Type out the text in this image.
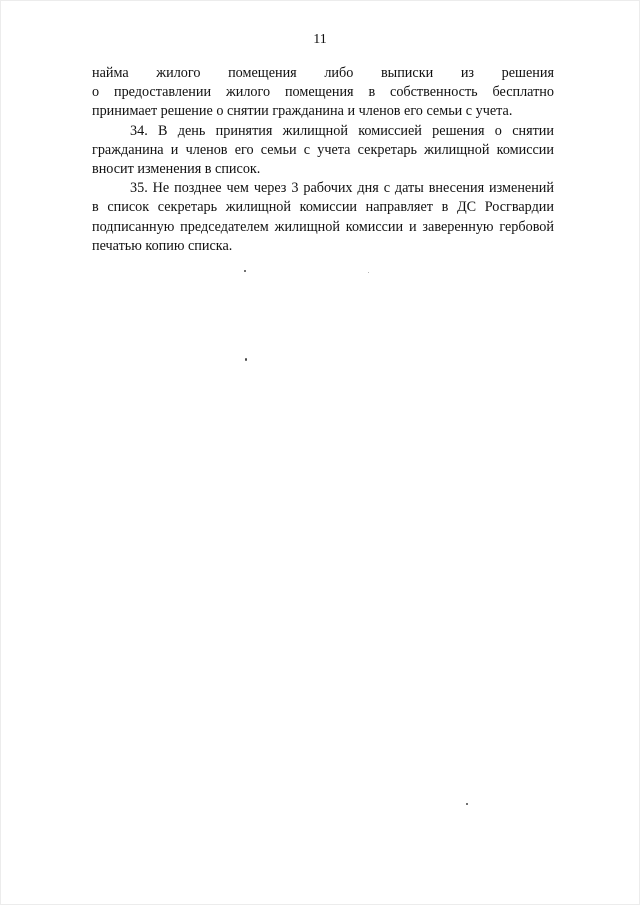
11
найма жилого помещения либо выписки из решения
о предоставлении жилого помещения в собственность бесплатно
принимает решение о снятии гражданина и членов его семьи с учета.
34. В день принятия жилищной комиссией решения о снятии
гражданина и членов его семьи с учета секретарь жилищной комиссии
вносит изменения в список.
35. Не позднее чем через 3 рабочих дня с даты внесения изменений
в список секретарь жилищной комиссии направляет в ДС Росгвардии
подписанную председателем жилищной комиссии и заверенную гербовой
печатью копию списка.
